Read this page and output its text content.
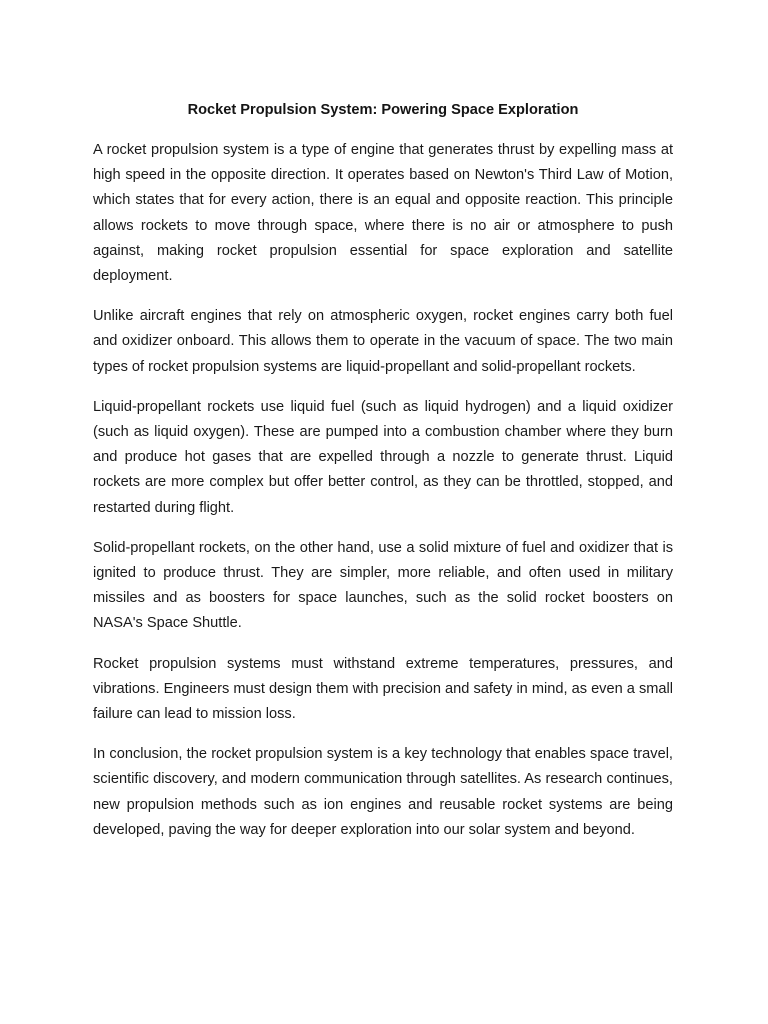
Rocket Propulsion System: Powering Space Exploration

A rocket propulsion system is a type of engine that generates thrust by expelling mass at high speed in the opposite direction. It operates based on Newton's Third Law of Motion, which states that for every action, there is an equal and opposite reaction. This principle allows rockets to move through space, where there is no air or atmosphere to push against, making rocket propulsion essential for space exploration and satellite deployment.

Unlike aircraft engines that rely on atmospheric oxygen, rocket engines carry both fuel and oxidizer onboard. This allows them to operate in the vacuum of space. The two main types of rocket propulsion systems are liquid-propellant and solid-propellant rockets.

Liquid-propellant rockets use liquid fuel (such as liquid hydrogen) and a liquid oxidizer (such as liquid oxygen). These are pumped into a combustion chamber where they burn and produce hot gases that are expelled through a nozzle to generate thrust. Liquid rockets are more complex but offer better control, as they can be throttled, stopped, and restarted during flight.

Solid-propellant rockets, on the other hand, use a solid mixture of fuel and oxidizer that is ignited to produce thrust. They are simpler, more reliable, and often used in military missiles and as boosters for space launches, such as the solid rocket boosters on NASA's Space Shuttle.

Rocket propulsion systems must withstand extreme temperatures, pressures, and vibrations. Engineers must design them with precision and safety in mind, as even a small failure can lead to mission loss.

In conclusion, the rocket propulsion system is a key technology that enables space travel, scientific discovery, and modern communication through satellites. As research continues, new propulsion methods such as ion engines and reusable rocket systems are being developed, paving the way for deeper exploration into our solar system and beyond.
